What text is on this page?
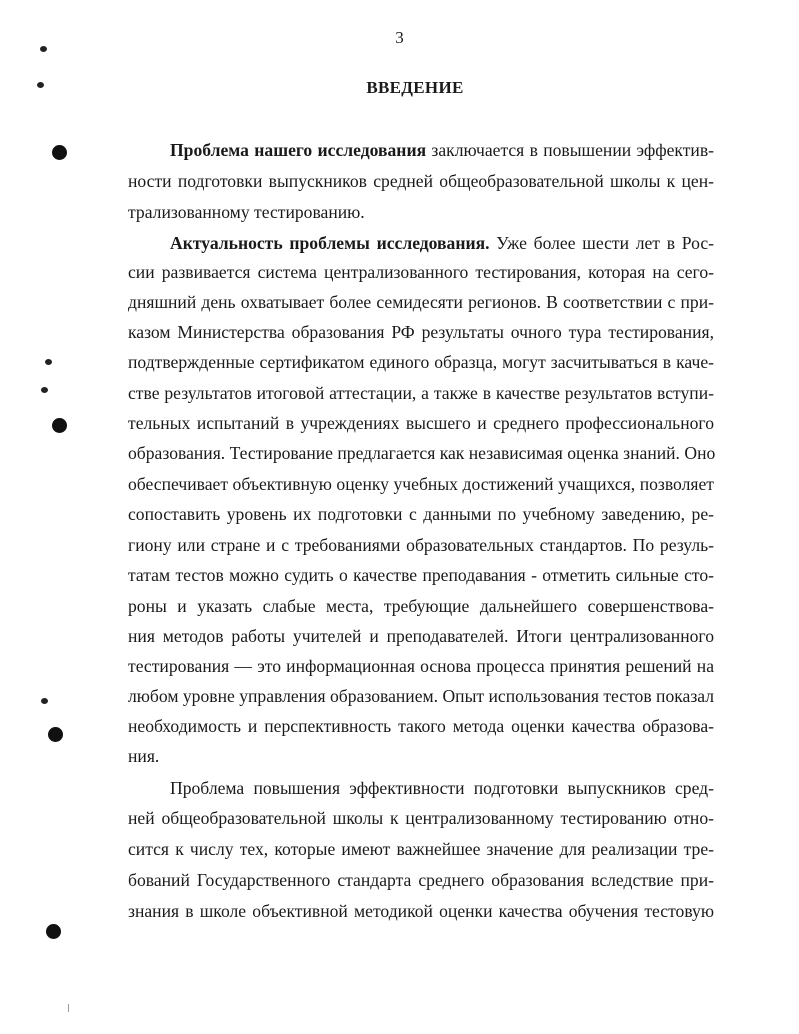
3
ВВЕДЕНИЕ
Проблема нашего исследования заключается в повышении эффектив-
ности подготовки выпускников средней общеобразовательной школы к цен-
трализованному тестированию.
Актуальность проблемы исследования. Уже более шести лет в Рос-
сии развивается система централизованного тестирования, которая на сего-
дняшний день охватывает более семидесяти регионов. В соответствии с при-
казом Министерства образования РФ результаты очного тура тестирования,
подтвержденные сертификатом единого образца, могут засчитываться в каче-
стве результатов итоговой аттестации, а также в качестве результатов вступи-
тельных испытаний в учреждениях высшего и среднего профессионального
образования. Тестирование предлагается как независимая оценка знаний. Оно
обеспечивает объективную оценку учебных достижений учащихся, позволяет
сопоставить уровень их подготовки с данными по учебному заведению, ре-
гиону или стране и с требованиями образовательных стандартов. По резуль-
татам тестов можно судить о качестве преподавания - отметить сильные сто-
роны и указать слабые места, требующие дальнейшего совершенствова-
ния методов работы учителей и преподавателей. Итоги централизованного
тестирования — это информационная основа процесса принятия решений на
любом уровне управления образованием. Опыт использования тестов показал
необходимость и перспективность такого метода оценки качества образова-
ния.
Проблема повышения эффективности подготовки выпускников сред-
ней общеобразовательной школы к централизованному тестированию отно-
сится к числу тех, которые имеют важнейшее значение для реализации тре-
бований Государственного стандарта среднего образования вследствие при-
знания в школе объективной методикой оценки качества обучения тестовую
